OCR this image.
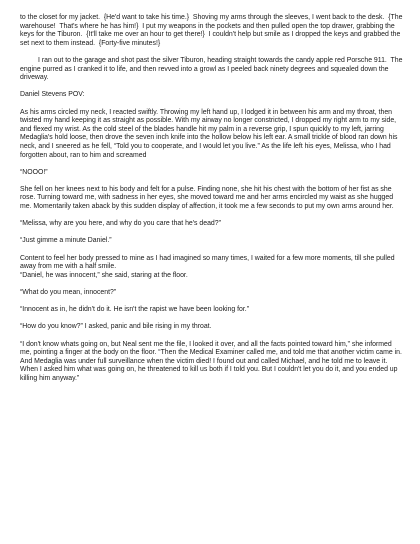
to the closet for my jacket.  {He'd want to take his time.}  Shoving my arms through the sleeves, I went back to the desk.  {The warehouse!  That's where he has him!}  I put my weapons in the pockets and then pulled open the top drawer, grabbing the keys for the Tiburon.  {It'll take me over an hour to get there!}  I couldn't help but smile as I dropped the keys and grabbed the set next to them instead.  {Forty-five minutes!}

I ran out to the garage and shot past the silver Tiburon, heading straight towards the candy apple red Porsche 911.  The engine purred as I cranked it to life, and then revved into a growl as I peeled back ninety degrees and squealed down the driveway.

Daniel Stevens POV:

As his arms circled my neck, I reacted swiftly. Throwing my left hand up, I lodged it in between his arm and my throat, then twisted my hand keeping it as straight as possible. With my airway no longer constricted, I dropped my right arm to my side, and flexed my wrist. As the cold steel of the blades handle hit my palm in a reverse grip, I spun quickly to my left, jarring Medaglia's hold loose, then drove the seven inch knife into the hollow below his left ear. A small trickle of blood ran down his neck, and I sneered as he fell, “Told you to cooperate, and I would let you live.” As the life left his eyes, Melissa, who I had forgotten about, ran to him and screamed

“NOOO!”

She fell on her knees next to his body and felt for a pulse. Finding none, she hit his chest with the bottom of her fist as she rose. Turning toward me, with sadness in her eyes, she moved toward me and her arms encircled my waist as she hugged me. Momentarily taken aback by this sudden display of affection, it took me a few seconds to put my own arms around her.

“Melissa, why are you here, and why do you care that he's dead?”

“Just gimme a minute Daniel.”

Content to feel her body pressed to mine as I had imagined so many times, I waited for a few more moments, till she pulled away from me with a half smile.
“Daniel, he was innocent,” she said, staring at the floor.

“What do you mean, innocent?”

“Innocent as in, he didn't do it. He isn't the rapist we have been looking for.”

“How do you know?” I asked, panic and bile rising in my throat.

“I don't know whats going on, but Neal sent me the file, I looked it over, and all the facts pointed toward him,” she informed me, pointing a finger at the body on the floor. “Then the Medical Examiner called me, and told me that another victim came in. And Medaglia was under full surveillance when the victim died! I found out and called Michael, and he told me to leave it. When I asked him what was going on, he threatened to kill us both if I told you. But I couldn't let you do it, and you ended up killing him anyway.”
